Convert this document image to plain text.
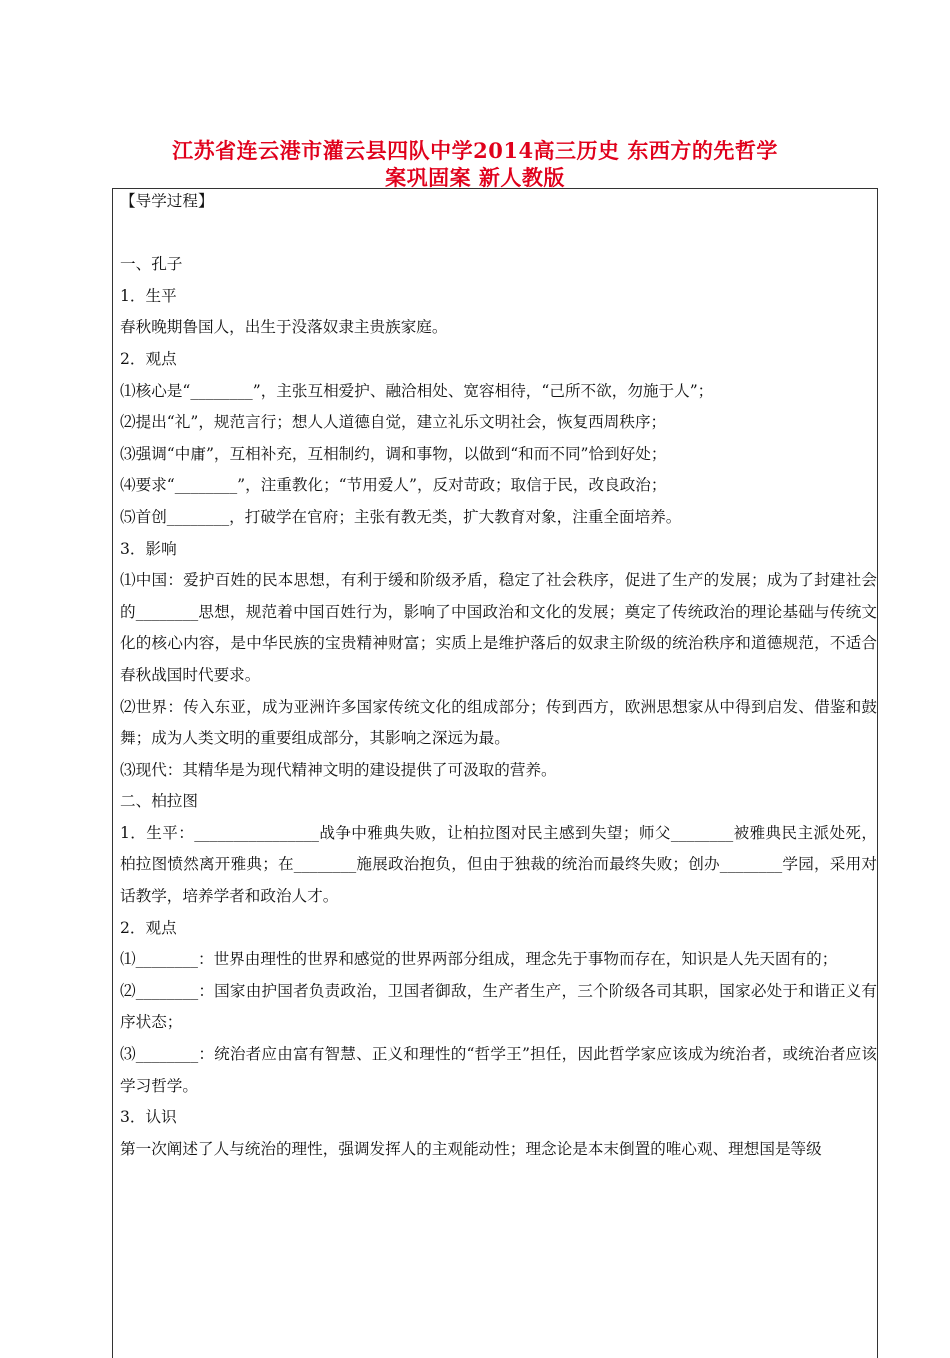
江苏省连云港市灌云县四队中学2014高三历史 东西方的先哲学
案巩固案 新人教版

【导学过程】

一、孔子

1．生平

春秋晚期鲁国人，出生于没落奴隶主贵族家庭。

2．观点

⑴核心是“________”，主张互相爱护、融洽相处、宽容相待，“己所不欲，勿施于人”；

⑵提出“礼”，规范言行；想人人道德自觉，建立礼乐文明社会，恢复西周秩序；

⑶强调“中庸”，互相补充，互相制约，调和事物，以做到“和而不同”恰到好处；

⑷要求“________”，注重教化；“节用爱人”，反对苛政；取信于民，改良政治；

⑸首创________，打破学在官府；主张有教无类，扩大教育对象，注重全面培养。

3．影响

⑴中国：爱护百姓的民本思想，有利于缓和阶级矛盾，稳定了社会秩序，促进了生产的发展；成为了封建社会的________思想，规范着中国百姓行为，影响了中国政治和文化的发展；奠定了传统政治的理论基础与传统文化的核心内容，是中华民族的宝贵精神财富；实质上是维护落后的奴隶主阶级的统治秩序和道德规范，不适合春秋战国时代要求。

⑵世界：传入东亚，成为亚洲许多国家传统文化的组成部分；传到西方，欧洲思想家从中得到启发、借鉴和鼓舞；成为人类文明的重要组成部分，其影响之深远为最。

⑶现代：其精华是为现代精神文明的建设提供了可汲取的营养。

二、柏拉图

1．生平：________________战争中雅典失败，让柏拉图对民主感到失望；师父________被雅典民主派处死，柏拉图愤然离开雅典；在________施展政治抱负，但由于独裁的统治而最终失败；创办________学园，采用对话教学，培养学者和政治人才。

2．观点

⑴________：世界由理性的世界和感觉的世界两部分组成，理念先于事物而存在，知识是人先天固有的；

⑵________：国家由护国者负责政治，卫国者御敌，生产者生产，三个阶级各司其职，国家必处于和谐正义有序状态；

⑶________：统治者应由富有智慧、正义和理性的“哲学王”担任，因此哲学家应该成为统治者，或统治者应该学习哲学。

3．认识

第一次阐述了人与统治的理性，强调发挥人的主观能动性；理念论是本末倒置的唯心观、理想国是等级
